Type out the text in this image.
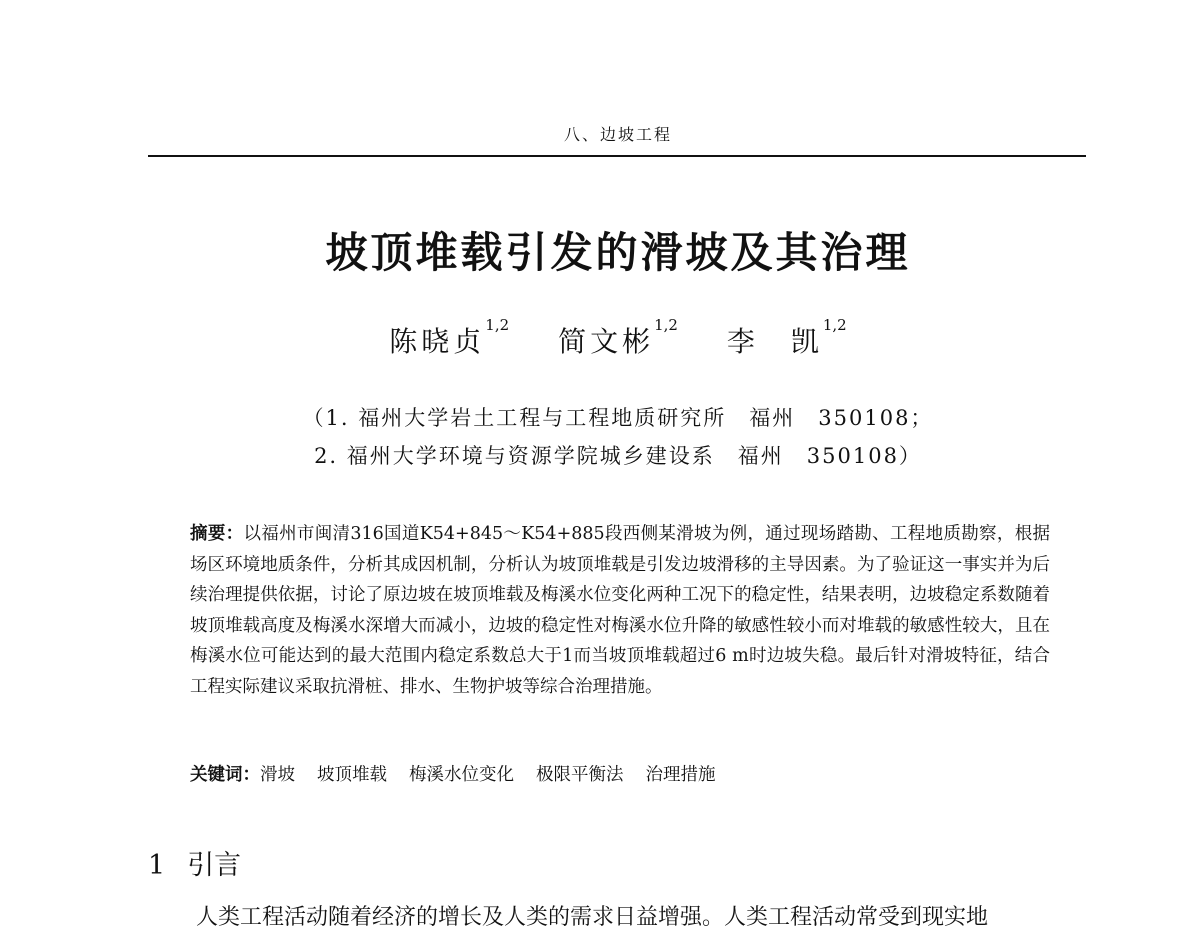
八、边坡工程
坡顶堆载引发的滑坡及其治理
陈晓贞$^{1,2}$ 简文彬$^{1,2}$ 李　凯$^{1,2}$
（1. 福州大学岩土工程与工程地质研究所　福州　350108；
2. 福州大学环境与资源学院城乡建设系　福州　350108）
摘要：以福州市闽清316国道K54+845～K54+885段西侧某滑坡为例，通过现场踏勘、工程地质勘察，根据场区环境地质条件，分析其成因机制，分析认为坡顶堆载是引发边坡滑移的主导因素。为了验证这一事实并为后续治理提供依据，讨论了原边坡在坡顶堆载及梅溪水位变化两种工况下的稳定性，结果表明，边坡稳定系数随着坡顶堆载高度及梅溪水深增大而减小，边坡的稳定性对梅溪水位升降的敏感性较小而对堆载的敏感性较大，且在梅溪水位可能达到的最大范围内稳定系数总大于1而当坡顶堆载超过6 m时边坡失稳。最后针对滑坡特征，结合工程实际建议采取抗滑桩、排水、生物护坡等综合治理措施。
关键词：滑坡 坡顶堆载 梅溪水位变化 极限平衡法 治理措施
1 引言
人类工程活动随着经济的增长及人类的需求日益增强。人类工程活动常受到现实地
